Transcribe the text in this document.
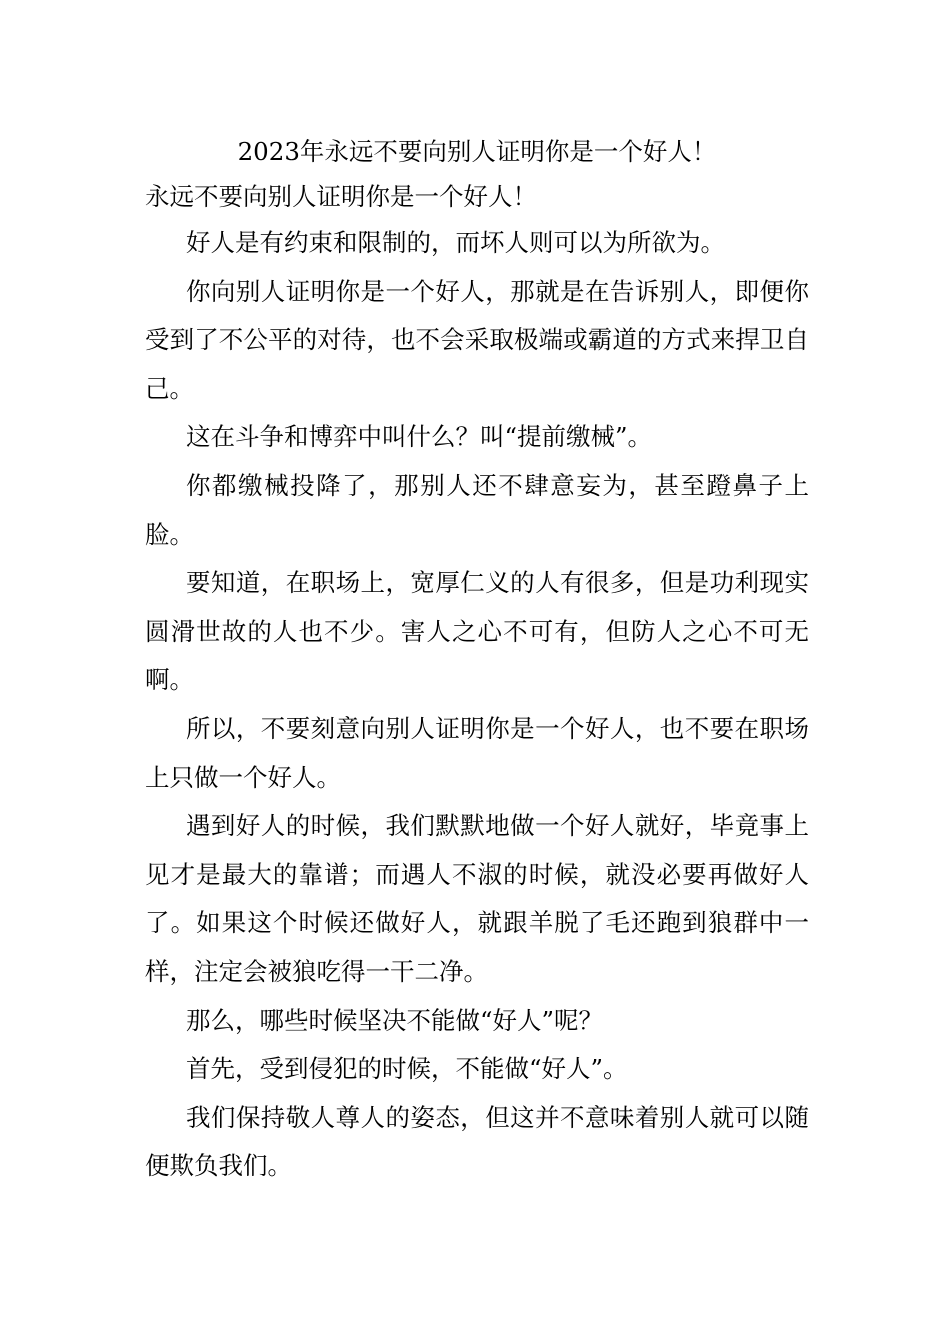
2023年永远不要向别人证明你是一个好人！

永远不要向别人证明你是一个好人！

好人是有约束和限制的，而坏人则可以为所欲为。

你向别人证明你是一个好人，那就是在告诉别人，即便你受到了不公平的对待，也不会采取极端或霸道的方式来捍卫自己。

这在斗争和博弈中叫什么？叫“提前缴械”。

你都缴械投降了，那别人还不肆意妄为，甚至蹬鼻子上脸。

要知道，在职场上，宽厚仁义的人有很多，但是功利现实圆滑世故的人也不少。害人之心不可有，但防人之心不可无啊。

所以，不要刻意向别人证明你是一个好人，也不要在职场上只做一个好人。

遇到好人的时候，我们默默地做一个好人就好，毕竟事上见才是最大的靠谱；而遇人不淑的时候，就没必要再做好人了。如果这个时候还做好人，就跟羊脱了毛还跑到狼群中一样，注定会被狼吃得一干二净。

那么，哪些时候坚决不能做“好人”呢？

首先，受到侵犯的时候，不能做“好人”。

我们保持敬人尊人的姿态，但这并不意味着别人就可以随便欺负我们。
